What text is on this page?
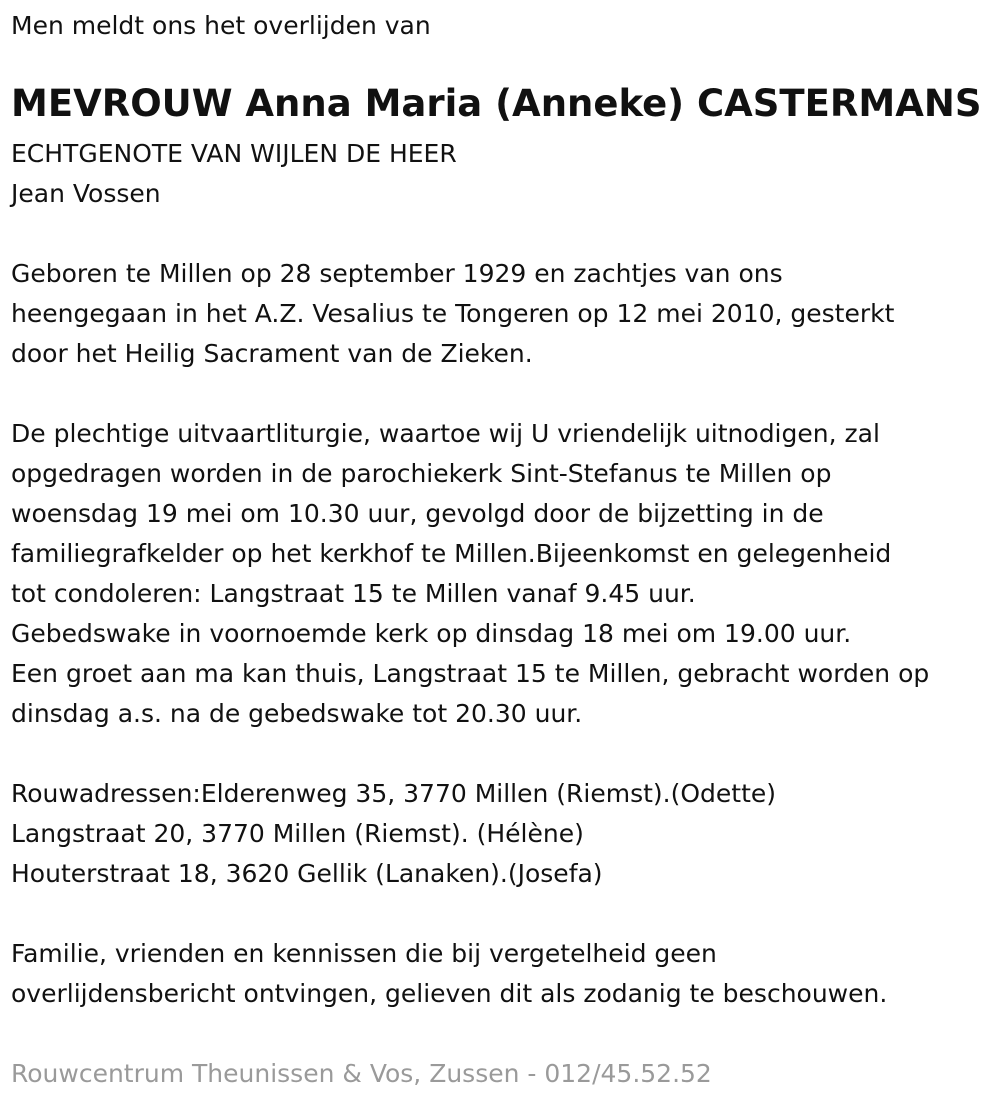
Men meldt ons het overlijden van

MEVROUW Anna Maria (Anneke) CASTERMANS

ECHTGENOTE VAN WIJLEN DE HEER

Jean Vossen

Geboren te Millen op 28 september 1929 en zachtjes van ons

heengegaan in het A.Z. Vesalius te Tongeren op 12 mei 2010, gesterkt

door het Heilig Sacrament van de Zieken.

De plechtige uitvaartliturgie, waartoe wij U vriendelijk uitnodigen, zal

opgedragen worden in de parochiekerk Sint-Stefanus te Millen op

woensdag 19 mei om 10.30 uur, gevolgd door de bijzetting in de

familiegrafkelder op het kerkhof te Millen.Bijeenkomst en gelegenheid

tot condoleren: Langstraat 15 te Millen vanaf 9.45 uur.

Gebedswake in voornoemde kerk op dinsdag 18 mei om 19.00 uur.

Een groet aan ma kan thuis, Langstraat 15 te Millen, gebracht worden op

dinsdag a.s. na de gebedswake tot 20.30 uur.

Rouwadressen:Elderenweg 35, 3770 Millen (Riemst).(Odette)

Langstraat 20, 3770 Millen (Riemst). (Hélène)

Houterstraat 18, 3620 Gellik (Lanaken).(Josefa)

Familie, vrienden en kennissen die bij vergetelheid geen

overlijdensbericht ontvingen, gelieven dit als zodanig te beschouwen.

Rouwcentrum Theunissen & Vos, Zussen - 012/45.52.52
